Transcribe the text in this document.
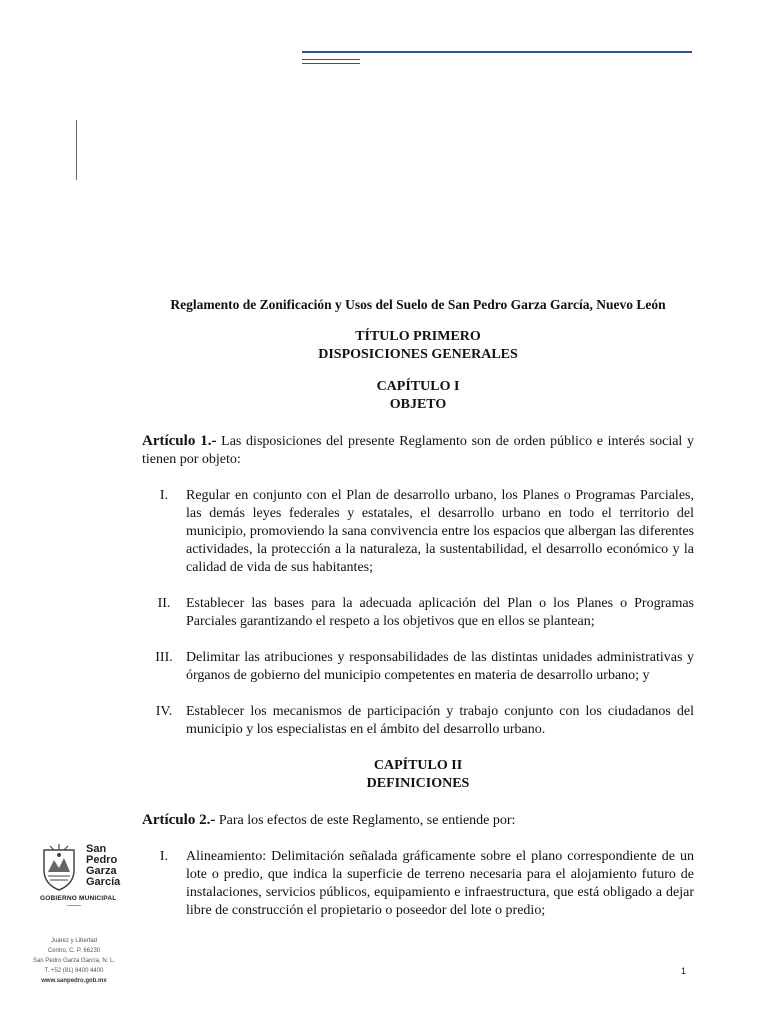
Reglamento de Zonificación y Usos del Suelo de San Pedro Garza García, Nuevo León

TÍTULO PRIMERO

DISPOSICIONES GENERALES

CAPÍTULO I

OBJETO

Artículo 1.- Las disposiciones del presente Reglamento son de orden público e interés social y tienen por objeto:

I.	Regular en conjunto con el Plan de desarrollo urbano, los Planes o Programas Parciales, las demás leyes federales y estatales, el desarrollo urbano en todo el territorio del municipio, promoviendo la sana convivencia entre los espacios que albergan las diferentes actividades, la protección a la naturaleza, la sustentabilidad, el desarrollo económico y la calidad de vida de sus habitantes;
II.	Establecer las bases para la adecuada aplicación del Plan o los Planes o Programas Parciales garantizando el respeto a los objetivos que en ellos se plantean;
III. Delimitar las atribuciones y responsabilidades de las distintas unidades administrativas y órganos de gobierno del municipio competentes en materia de desarrollo urbano; y
IV. Establecer los mecanismos de participación y trabajo conjunto con los ciudadanos del municipio y los especialistas en el ámbito del desarrollo urbano.

CAPÍTULO II

DEFINICIONES

Artículo 2.- Para los efectos de este Reglamento, se entiende por:

I.	Alineamiento: Delimitación señalada gráficamente sobre el plano correspondiente de un lote o predio, que indica la superficie de terreno necesaria para el alojamiento futuro de instalaciones, servicios públicos, equipamiento e infraestructura, que está obligado a dejar libre de construcción el propietario o poseedor del lote o predio;
San
Pedro
Garza
García
GOBIERNO MUNICIPAL
Juárez y Libertad
Centro, C. P. 66230
San Pedro Garza García, N. L.
T. +52 (81) 8400 4400
www.sanpedro.gob.mx
1
